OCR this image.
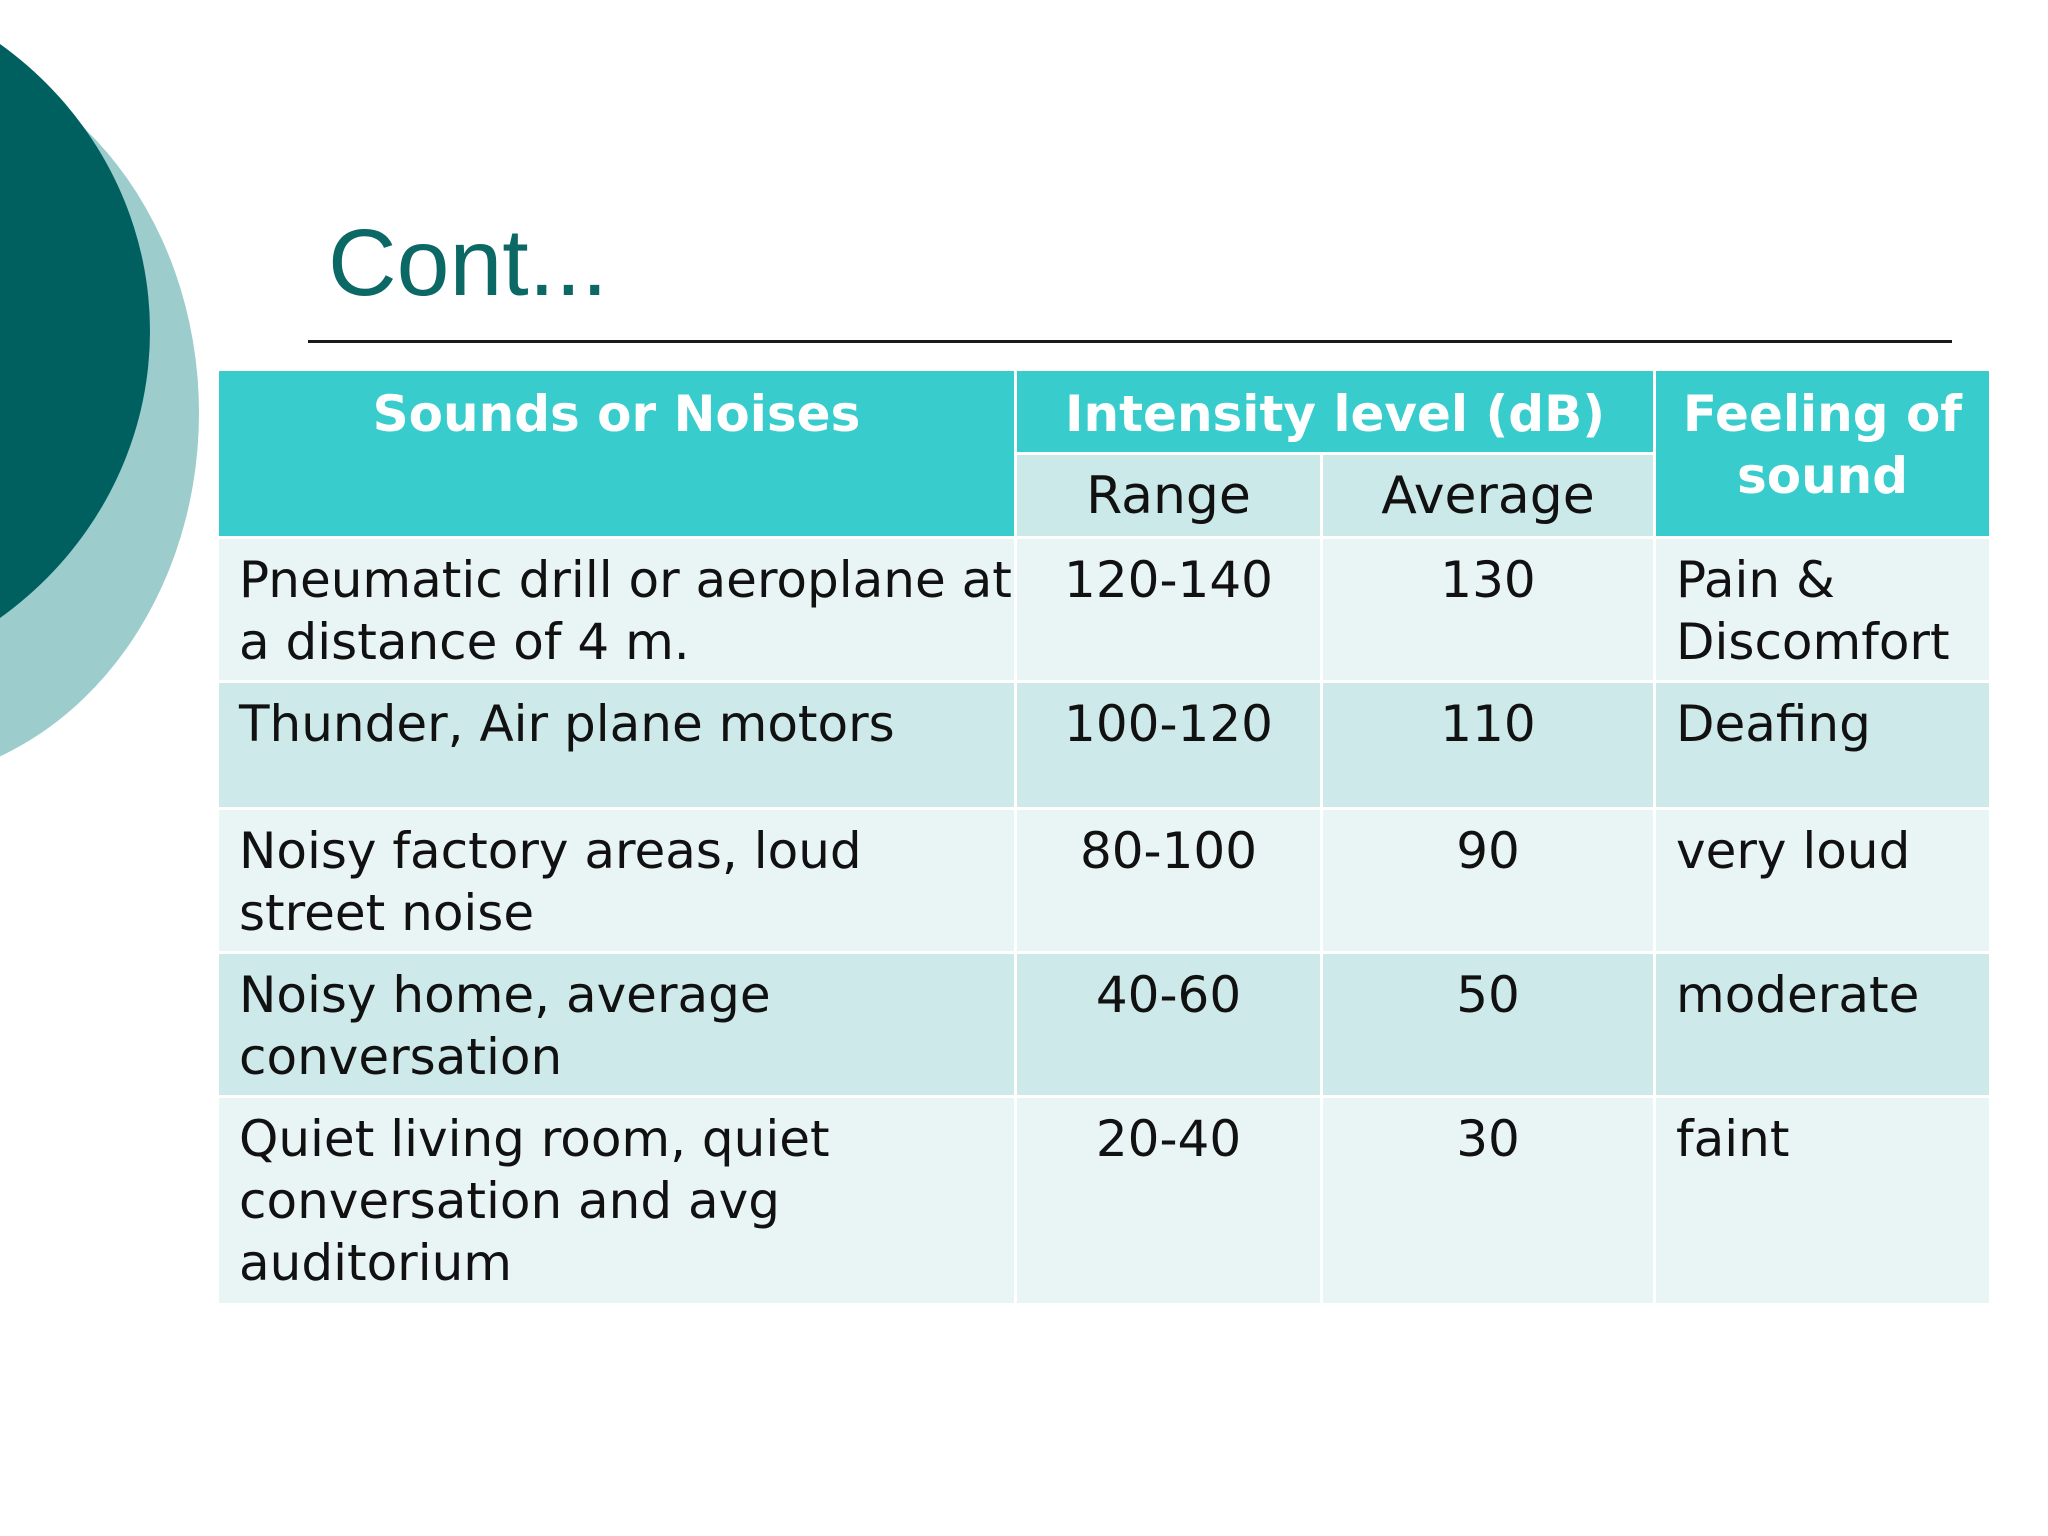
Cont...
Sounds or Noises	Intensity level (dB)		Feeling of sound
	Range	Average	
Pneumatic drill or aeroplane at a distance of 4 m.	120-140	130	Pain & Discomfort
Thunder, Air plane motors	100-120	110	Deafing
Noisy factory areas, loud street noise	80-100	90	very loud
Noisy home, average conversation	40-60	50	moderate
Quiet living room, quiet conversation and avg auditorium	20-40	30	faint
